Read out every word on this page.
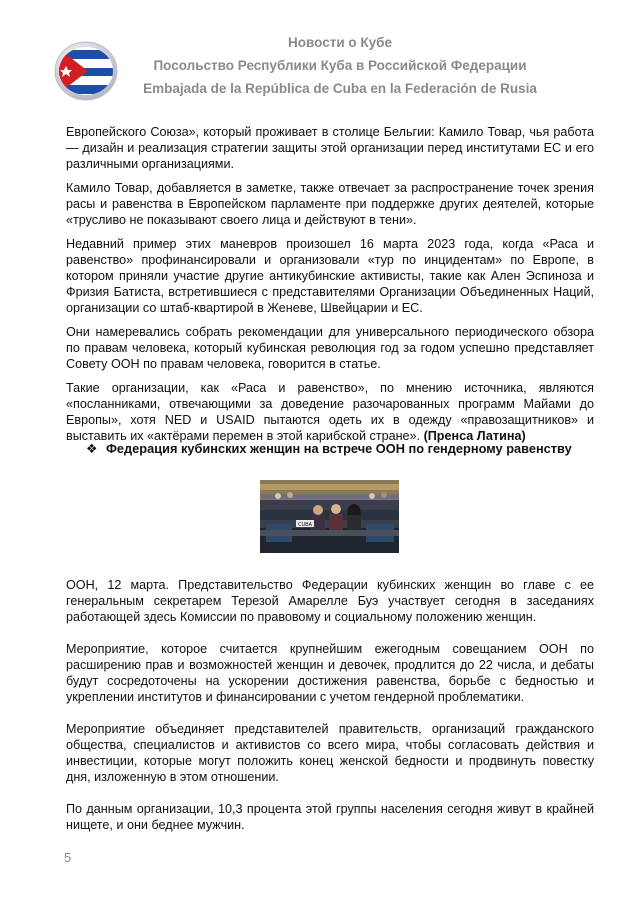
Новости о Кубе
Посольство Республики Куба в Российской Федерации
Embajada de la República de Cuba en la Federación de Rusia

Европейского Союза», который проживает в столице Бельгии: Камило Товар, чья работа — дизайн и реализация стратегии защиты этой организации перед институтами ЕС и его различными организациями.

Камило Товар, добавляется в заметке, также отвечает за распространение точек зрения расы и равенства в Европейском парламенте при поддержке других деятелей, которые «трусливо не показывают своего лица и действуют в тени».

Недавний пример этих маневров произошел 16 марта 2023 года, когда «Раса и равенство» профинансировали и организовали «тур по инцидентам» по Европе, в котором приняли участие другие антикубинские активисты, такие как Ален Эспиноза и Фризия Батиста, встретившиеся с представителями Организации Объединенных Наций, организации со штаб-квартирой в Женеве, Швейцарии и ЕС.

Они намеревались собрать рекомендации для универсального периодического обзора по правам человека, который кубинская революция год за годом успешно представляет Совету ООН по правам человека, говорится в статье.

Такие организации, как «Раса и равенство», по мнению источника, являются «посланниками, отвечающими за доведение разочарованных программ Майами до Европы», хотя NED и USAID пытаются одеть их в одежду «правозащитников» и выставить их «актёрами перемен в этой карибской стране». (Пренса Латина)

❖ Федерация кубинских женщин на встрече ООН по гендерному равенству
CUBA

ООН, 12 марта. Представительство Федерации кубинских женщин во главе с ее генеральным секретарем Терезой Амарелле Буэ участвует сегодня в заседаниях работающей здесь Комиссии по правовому и социальному положению женщин.

Мероприятие, которое считается крупнейшим ежегодным совещанием ООН по расширению прав и возможностей женщин и девочек, продлится до 22 числа, и дебаты будут сосредоточены на ускорении достижения равенства, борьбе с бедностью и укреплении институтов и финансировании с учетом гендерной проблематики.

Мероприятие объединяет представителей правительств, организаций гражданского общества, специалистов и активистов со всего мира, чтобы согласовать действия и инвестиции, которые могут положить конец женской бедности и продвинуть повестку дня, изложенную в этом отношении.

По данным организации, 10,3 процента этой группы населения сегодня живут в крайней нищете, и они беднее мужчин.

5
